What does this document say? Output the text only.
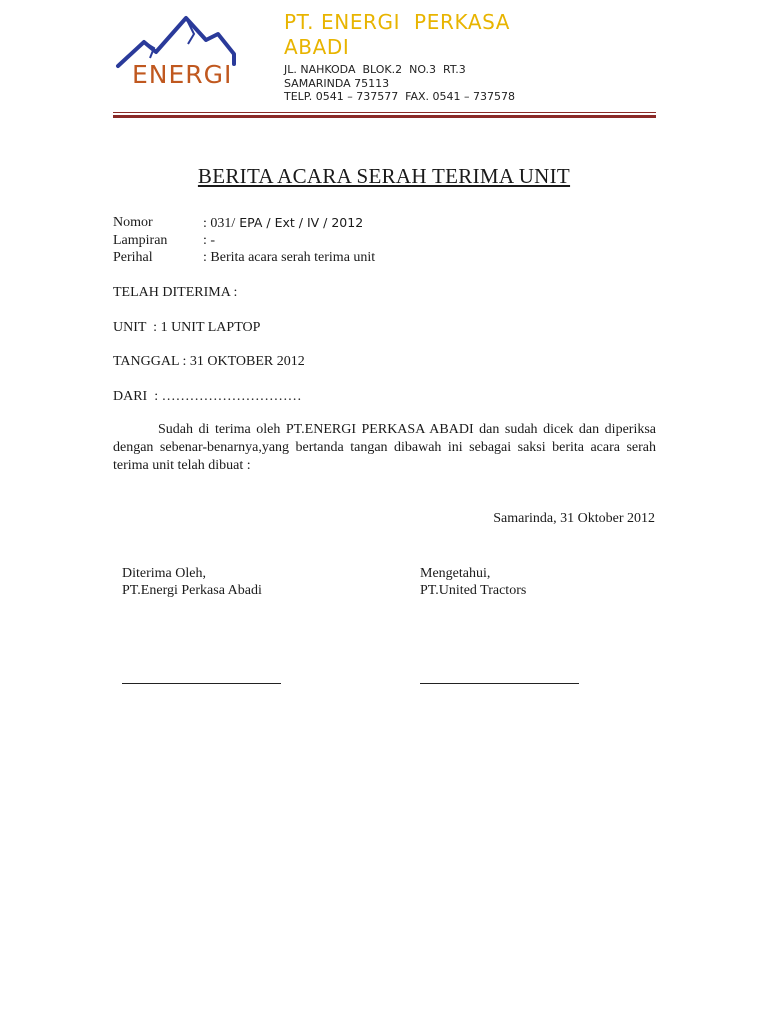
ENERGI
PT. ENERGI  PERKASA
ABADI
JL. NAHKODA  BLOK.2  NO.3  RT.3
SAMARINDA 75113
TELP. 0541 – 737577  FAX. 0541 – 737578
BERITA ACARA SERAH TERIMA UNIT
Nomor	: 031/ EPA / Ext / IV / 2012
Lampiran	: -
Perihal	: Berita acara serah terima unit
TELAH DITERIMA :
UNIT  : 1 UNIT LAPTOP
TANGGAL : 31 OKTOBER 2012
DARI  : …………………………
Sudah di terima oleh PT.ENERGI PERKASA ABADI dan sudah dicek dan diperiksa dengan sebenar-benarnya,yang bertanda tangan dibawah ini sebagai saksi berita acara serah terima unit telah dibuat :
Samarinda, 31 Oktober 2012
Diterima Oleh,
PT.Energi Perkasa Abadi
Mengetahui,
PT.United Tractors
